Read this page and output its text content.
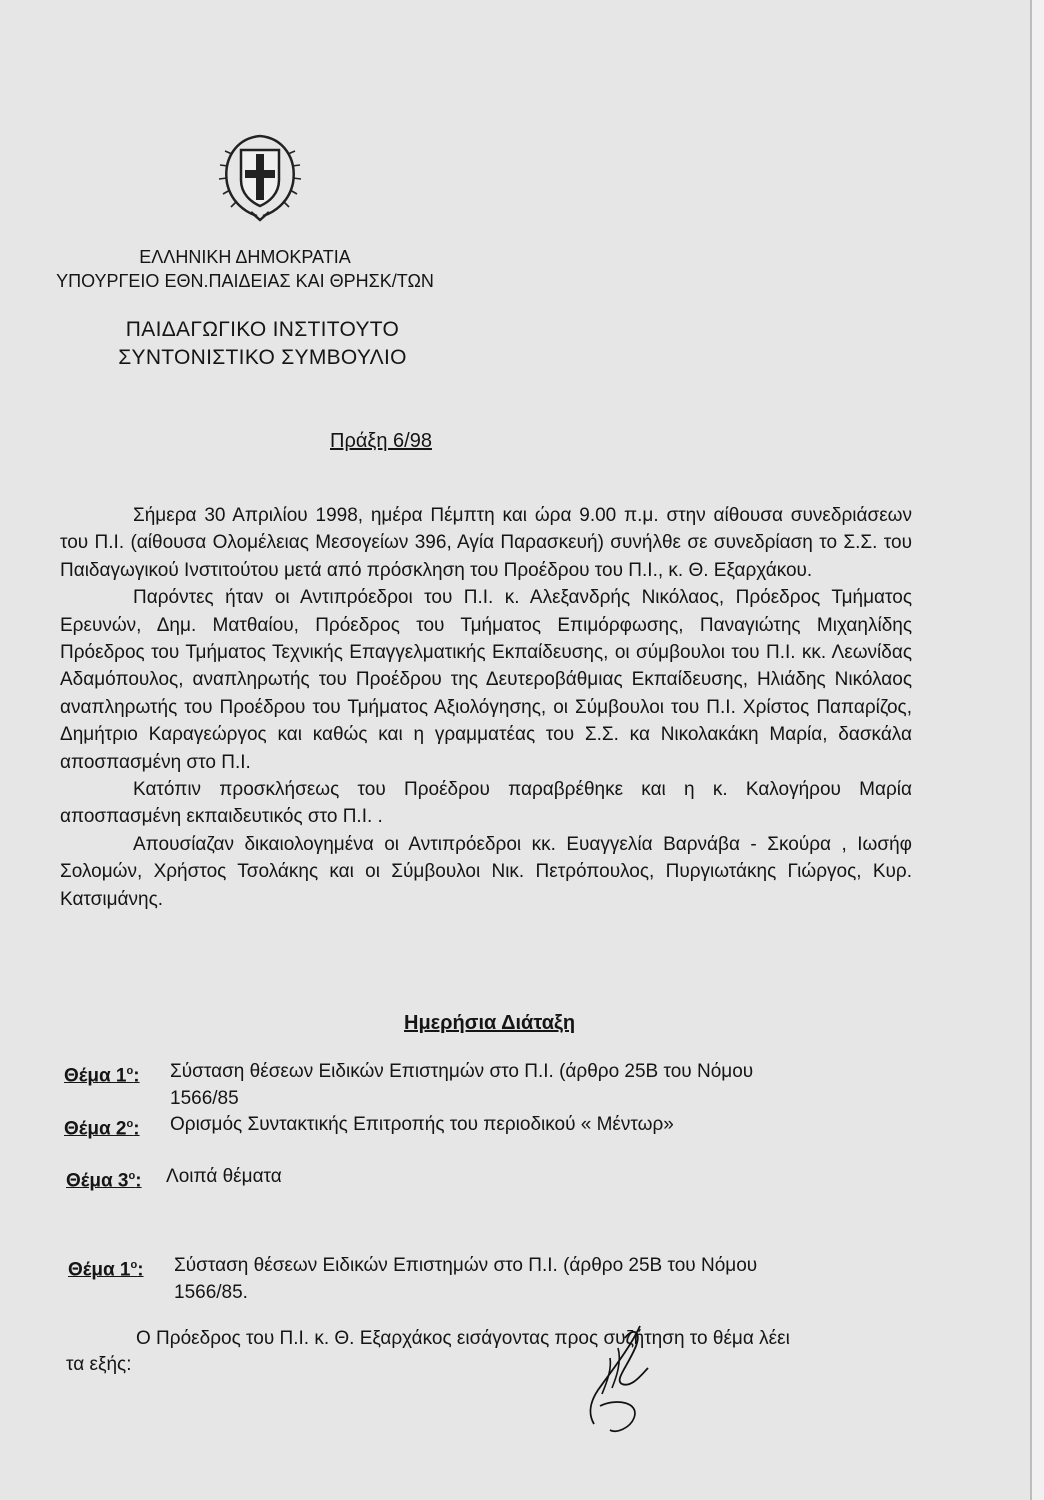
ΕΛΛΗΝΙΚΗ ΔΗΜΟΚΡΑΤΙΑ
ΥΠΟΥΡΓΕΙΟ ΕΘΝ.ΠΑΙΔΕΙΑΣ ΚΑΙ ΘΡΗΣΚ/ΤΩΝ
ΠΑΙΔΑΓΩΓΙΚΟ ΙΝΣΤΙΤΟΥΤΟ
ΣΥΝΤΟΝΙΣΤΙΚΟ ΣΥΜΒΟΥΛΙΟ
Πράξη 6/98

Σήμερα 30 Απριλίου 1998, ημέρα Πέμπτη και ώρα 9.00 π.μ. στην αίθουσα συνεδριάσεων του Π.Ι. (αίθουσα Ολομέλειας Μεσογείων 396, Αγία Παρασκευή) συνήλθε σε συνεδρίαση το Σ.Σ. του Παιδαγωγικού Ινστιτούτου μετά από πρόσκληση του Προέδρου του Π.Ι., κ. Θ. Εξαρχάκου.

Παρόντες ήταν οι Αντιπρόεδροι του Π.Ι. κ. Αλεξανδρής Νικόλαος, Πρόεδρος Τμήματος Ερευνών, Δημ. Ματθαίου, Πρόεδρος του Τμήματος Επιμόρφωσης, Παναγιώτης Μιχαηλίδης Πρόεδρος του Τμήματος Τεχνικής Επαγγελματικής Εκπαίδευσης, οι σύμβουλοι του Π.Ι. κκ. Λεωνίδας Αδαμόπουλος, αναπληρωτής του Προέδρου της Δευτεροβάθμιας Εκπαίδευσης, Ηλιάδης Νικόλαος αναπληρωτής του Προέδρου του Τμήματος Αξιολόγησης, οι Σύμβουλοι του Π.Ι. Χρίστος Παπαρίζος, Δημήτριο Καραγεώργος και καθώς και η γραμματέας του Σ.Σ. κα Νικολακάκη Μαρία, δασκάλα αποσπασμένη στο Π.Ι.

Κατόπιν προσκλήσεως του Προέδρου παραβρέθηκε και η κ. Καλογήρου Μαρία αποσπασμένη εκπαιδευτικός στο Π.Ι. .

Απουσίαζαν δικαιολογημένα οι Αντιπρόεδροι κκ. Ευαγγελία Βαρνάβα - Σκούρα , Ιωσήφ Σολομών, Χρήστος Τσολάκης και οι Σύμβουλοι Νικ. Πετρόπουλος, Πυργιωτάκης Γιώργος, Κυρ. Κατσιμάνης.

Ημερήσια Διάταξη
Θέμα $1^o$: Σύσταση θέσεων Ειδικών Επιστημών στο Π.Ι. (άρθρο 25Β του Νόμου 1566/85
Θέμα $2^o$: Ορισμός Συντακτικής Επιτροπής του περιοδικού « Μέντωρ»
Θέμα $3^o$: Λοιπά θέματα
Θέμα $1^o$: Σύσταση θέσεων Ειδικών Επιστημών στο Π.Ι. (άρθρο 25Β του Νόμου 1566/85.

Ο Πρόεδρος του Π.Ι. κ. Θ. Εξαρχάκος εισάγοντας προς συζήτηση το θέμα λέει

τα εξής:
